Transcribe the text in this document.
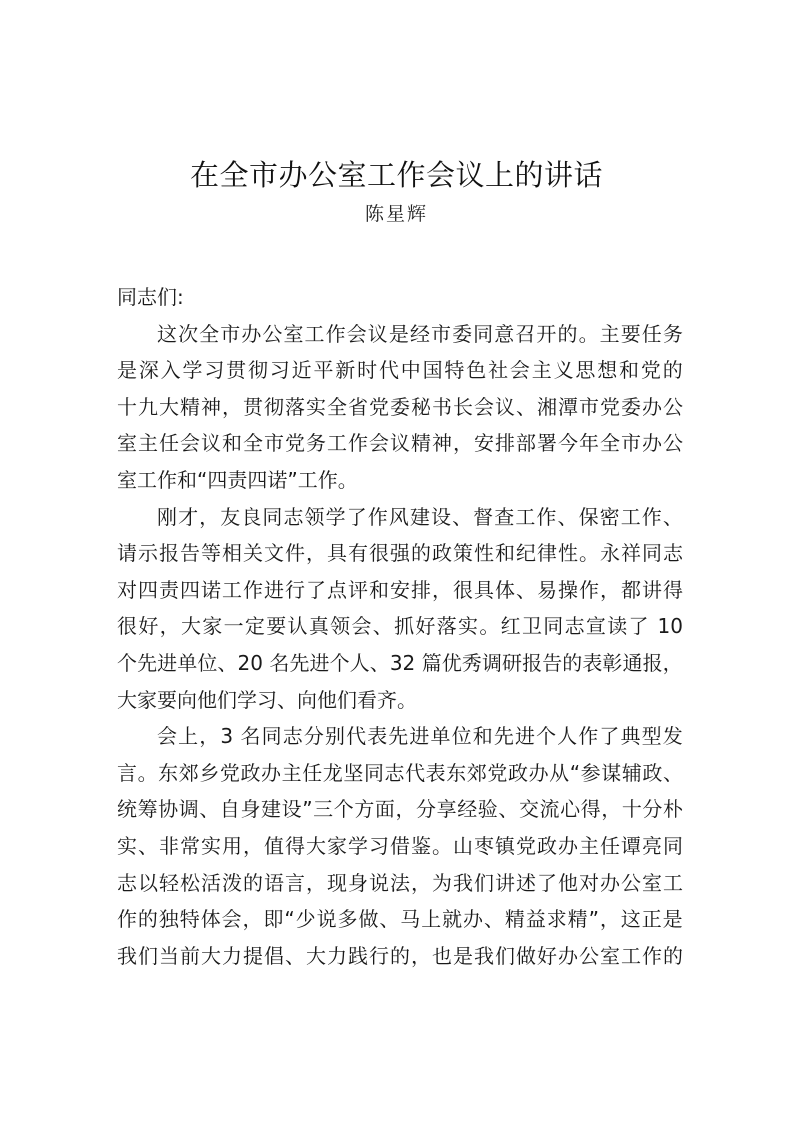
在全市办公室工作会议上的讲话
陈星辉
同志们:
这 次 全 市 办 公 室 工 作 会 议 是 经 市 委 同 意 召 开 的 。 主 要 任 务
是 深 入 学 习 贯 彻 习 近 平 新 时 代 中 国 特 色 社 会 主 义 思 想 和 党 的
十 九 大 精 神 ， 贯 彻 落 实 全 省 党 委 秘 书 长 会 议 、 湘 潭 市 党 委 办 公
室 主 任 会 议 和 全 市 党 务 工 作 会 议 精 神 ， 安 排 部 署 今 年 全 市 办 公
室工作和“四责四诺”工作。
刚 才 ， 友 良 同 志 领 学 了 作 风 建 设 、 督 查 工 作 、 保 密 工 作 、
请 示 报 告 等 相 关 文 件 ， 具 有 很 强 的 政 策 性 和 纪 律 性 。 永 祥 同 志
对 四 责 四 诺 工 作 进 行 了 点 评 和 安 排 ， 很 具 体 、 易 操 作 ， 都 讲 得
很 好 ， 大 家 一 定 要 认 真 领 会 、 抓 好 落 实 。 红 卫 同 志 宣 读 了
10
个 先 进 单 位 、 20 名 先 进 个 人 、 32 篇 优 秀 调 研 报 告 的 表 彰 通 报 ，
大家要向他们学习、向他们看齐。
会 上 ， 3 名 同 志 分 别 代 表 先 进 单 位 和 先 进 个 人 作 了 典 型 发
言 。 东 郊 乡 党 政 办 主 任 龙 坚 同 志 代 表 东 郊 党 政 办 从 “ 参 谋 辅 政 、
统 筹 协 调 、 自 身 建 设 ” 三 个 方 面 ， 分 享 经 验 、 交 流 心 得 ， 十 分 朴
实 、 非 常 实 用 ， 值 得 大 家 学 习 借 鉴 。 山 枣 镇 党 政 办 主 任 谭 亮 同
志 以 轻 松 活 泼 的 语 言 ， 现 身 说 法 ， 为 我 们 讲 述 了 他 对 办 公 室 工
作 的 独 特 体 会 ， 即 “ 少 说 多 做 、 马 上 就 办 、 精 益 求 精 ” ， 这 正 是
我 们 当 前 大 力 提 倡 、 大 力 践 行 的 ， 也 是 我 们 做 好 办 公 室 工 作 的
